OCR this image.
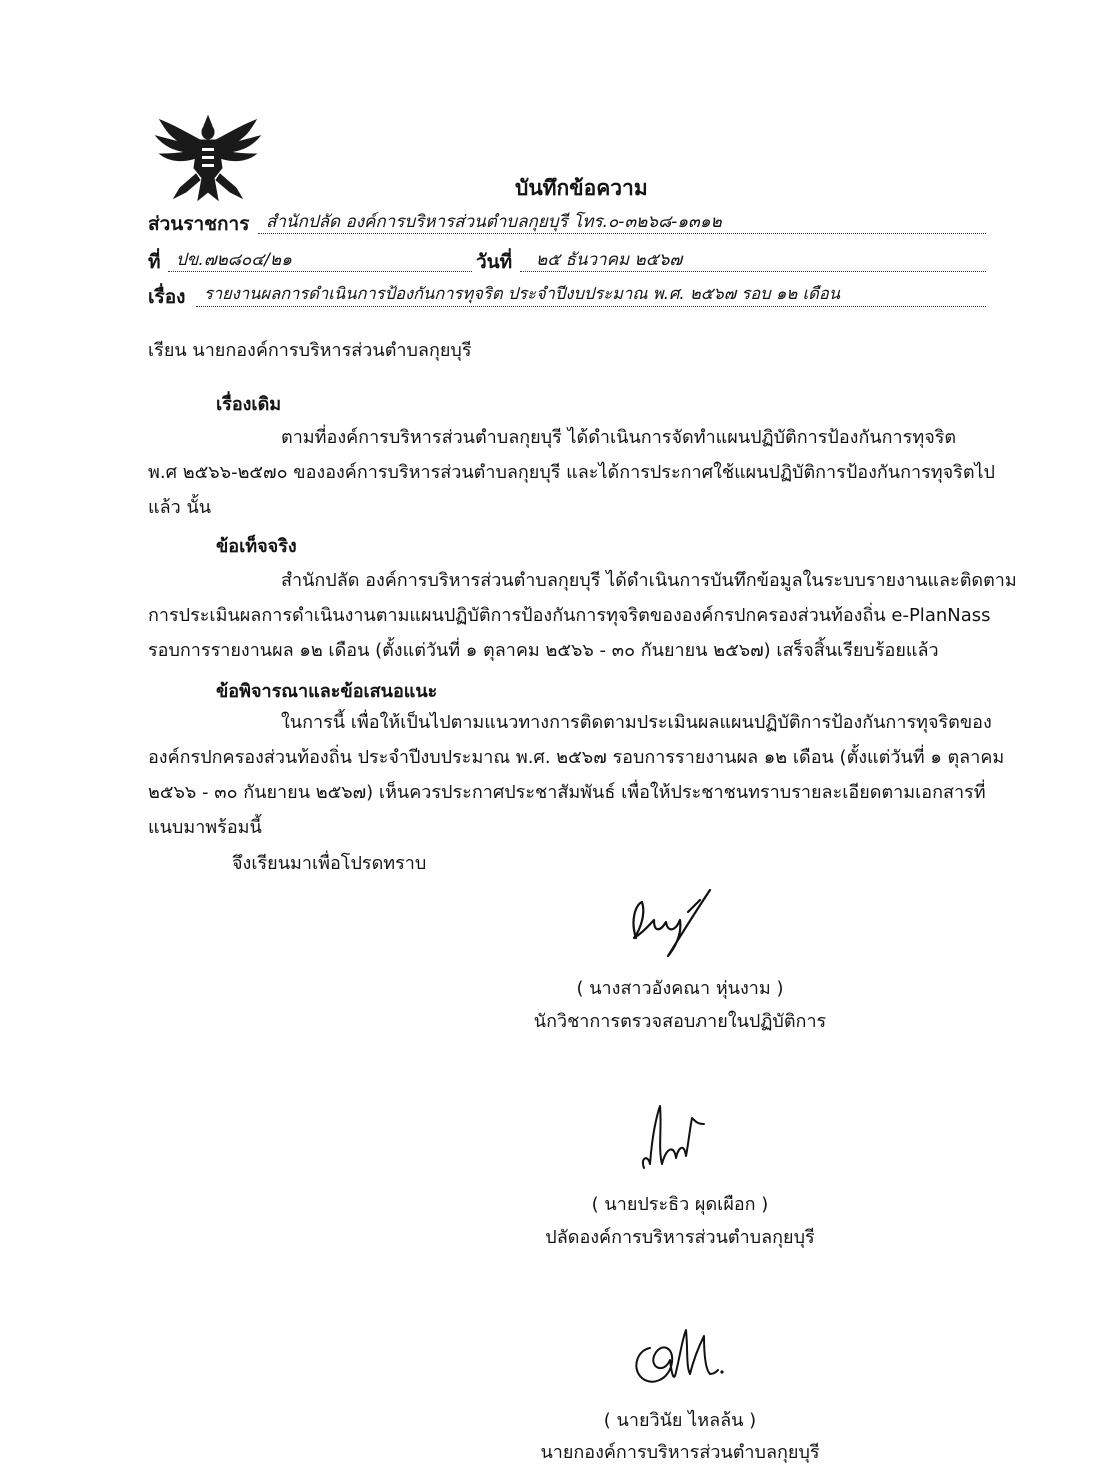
บันทึกข้อความ
ส่วนราชการ สำนักปลัด องค์การบริหารส่วนตำบลกุยบุรี โทร.๐-๓๒๖๘-๑๓๑๒
ที่ ปข.๗๒๘๐๔/๒๑	วันที่ ๒๕ ธันวาคม ๒๕๖๗
เรื่อง รายงานผลการดำเนินการป้องกันการทุจริต ประจำปีงบประมาณ พ.ศ. ๒๕๖๗ รอบ ๑๒ เดือน
เรียน นายกองค์การบริหารส่วนตำบลกุยบุรี
เรื่องเดิม
ตามที่องค์การบริหารส่วนตำบลกุยบุรี ได้ดำเนินการจัดทำแผนปฏิบัติการป้องกันการทุจริต
พ.ศ ๒๕๖๖-๒๕๗๐ ขององค์การบริหารส่วนตำบลกุยบุรี และได้การประกาศใช้แผนปฏิบัติการป้องกันการทุจริตไป
แล้ว นั้น
ข้อเท็จจริง
สำนักปลัด องค์การบริหารส่วนตำบลกุยบุรี ได้ดำเนินการบันทึกข้อมูลในระบบรายงานและติดตาม
การประเมินผลการดำเนินงานตามแผนปฏิบัติการป้องกันการทุจริตขององค์กรปกครองส่วนท้องถิ่น e-PlanNass
รอบการรายงานผล ๑๒ เดือน (ตั้งแต่วันที่ ๑ ตุลาคม ๒๕๖๖ - ๓๐ กันยายน ๒๕๖๗) เสร็จสิ้นเรียบร้อยแล้ว
ข้อพิจารณาและข้อเสนอแนะ
ในการนี้ เพื่อให้เป็นไปตามแนวทางการติดตามประเมินผลแผนปฏิบัติการป้องกันการทุจริตของ
องค์กรปกครองส่วนท้องถิ่น ประจำปีงบประมาณ พ.ศ. ๒๕๖๗ รอบการรายงานผล ๑๒ เดือน (ตั้งแต่วันที่ ๑ ตุลาคม
๒๕๖๖ - ๓๐ กันยายน ๒๕๖๗) เห็นควรประกาศประชาสัมพันธ์ เพื่อให้ประชาชนทราบรายละเอียดตามเอกสารที่
แนบมาพร้อมนี้
จึงเรียนมาเพื่อโปรดทราบ
( นางสาวอังคณา หุ่นงาม )
นักวิชาการตรวจสอบภายในปฏิบัติการ
( นายประธิว ผุดเผือก )
ปลัดองค์การบริหารส่วนตำบลกุยบุรี
( นายวินัย ไหลล้น )
นายกองค์การบริหารส่วนตำบลกุยบุรี
